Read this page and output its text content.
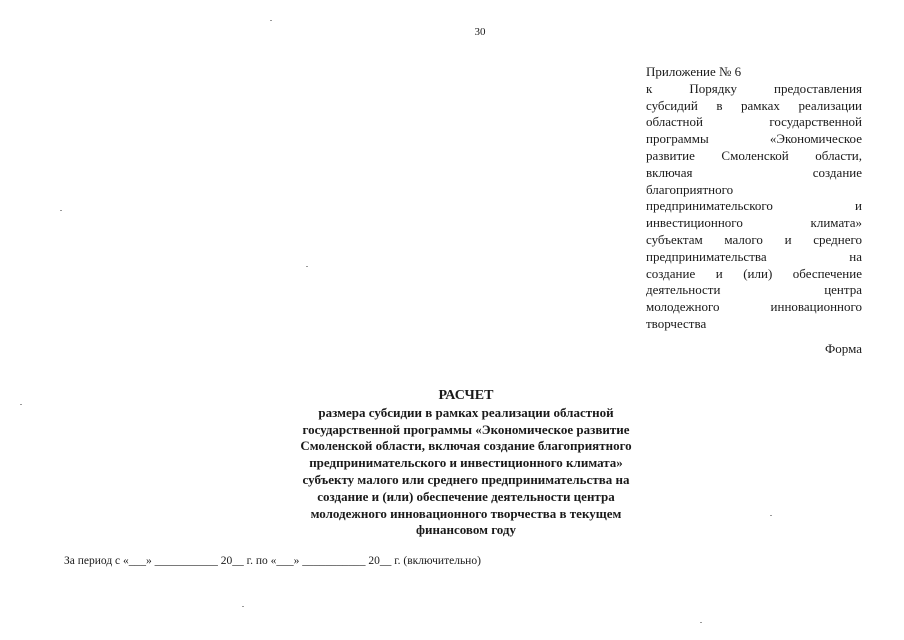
30
Приложение № 6
к Порядку предоставления
субсидий в рамках реализации
областной государственной
программы «Экономическое
развитие Смоленской области,
включая создание
благоприятного
предпринимательского и
инвестиционного климата»
субъектам малого и среднего
предпринимательства на
создание и (или) обеспечение
деятельности центра
молодежного инновационного
творчества
Форма
РАСЧЕТ
размера субсидии в рамках реализации областной
государственной программы «Экономическое развитие
Смоленской области, включая создание благоприятного
предпринимательского и инвестиционного климата»
субъекту малого или среднего предпринимательства на
создание и (или) обеспечение деятельности центра
молодежного инновационного творчества в текущем
финансовом году
За период с «___» ___________ 20__ г. по «___» ___________ 20__ г. (включительно)
